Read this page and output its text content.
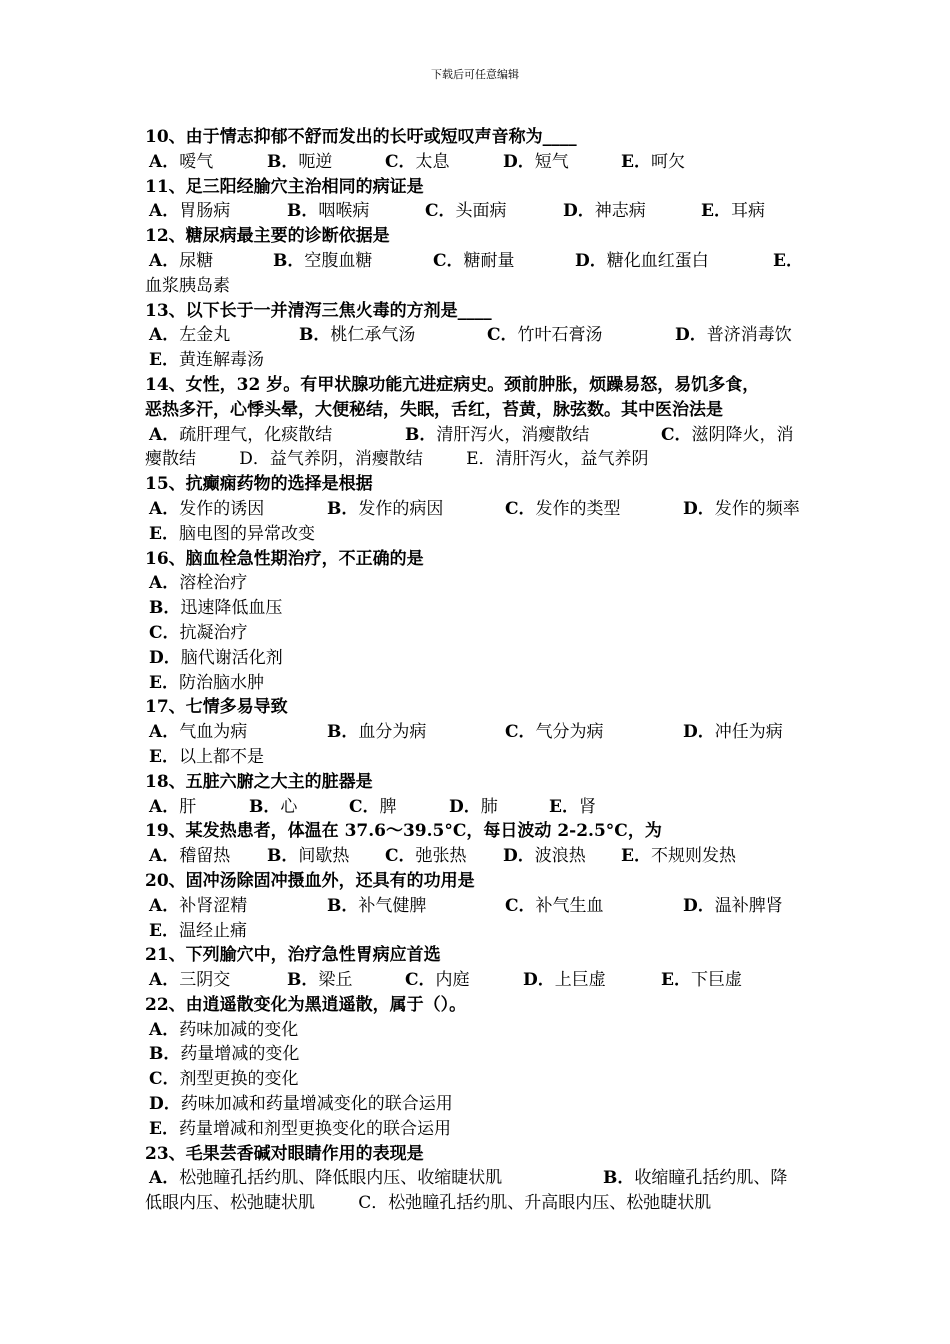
下载后可任意编辑
10、由于情志抑郁不舒而发出的长吁或短叹声音称为____
A．嗳气	B．呃逆	C．太息	D．短气	E．呵欠
11、足三阳经腧穴主治相同的病证是
A．胃肠病	B．咽喉病	C．头面病	D．神志病	E．耳病
12、糖尿病最主要的诊断依据是
A．尿糖	B．空腹血糖	C．糖耐量	D．糖化血红蛋白	E．
血浆胰岛素
13、以下长于一并清泻三焦火毒的方剂是____
A．左金丸	B．桃仁承气汤	C．竹叶石膏汤	D．普济消毒饮
E．黄连解毒汤
14、女性，32 岁。有甲状腺功能亢进症病史。颈前肿胀，烦躁易怒，易饥多食，
恶热多汗，心悸头晕，大便秘结，失眠，舌红，苔黄，脉弦数。其中医治法是
A．疏肝理气，化痰散结	B．清肝泻火，消瘿散结	C．滋阴降火，消
瘿散结        D．益气养阴，消瘿散结        E．清肝泻火，益气养阴
15、抗癫痫药物的选择是根据
A．发作的诱因	B．发作的病因	C．发作的类型	D．发作的频率
E．脑电图的异常改变
16、脑血栓急性期治疗，不正确的是
A．溶栓治疗
B．迅速降低血压
C．抗凝治疗
D．脑代谢活化剂
E．防治脑水肿
17、七情多易导致
A．气血为病	B．血分为病	C．气分为病	D．冲任为病
E．以上都不是
18、五脏六腑之大主的脏器是
A．肝	B．心	C．脾	D．肺	E．肾
19、某发热患者，体温在 37.6～39.5°C，每日波动 2-2.5°C，为
A．稽留热 B．间歇热 C．弛张热 D．波浪热 E．不规则发热
20、固冲汤除固冲摄血外，还具有的功用是
A．补肾涩精	B．补气健脾	C．补气生血	D．温补脾肾
E．温经止痛
21、下列腧穴中，治疗急性胃病应首选
A．三阴交	B．梁丘	C．内庭	D．上巨虚	E．下巨虚
22、由逍遥散变化为黑逍遥散，属于（）。
A．药味加减的变化
B．药量增减的变化
C．剂型更换的变化
D．药味加减和药量增减变化的联合运用
E．药量增减和剂型更换变化的联合运用
23、毛果芸香碱对眼睛作用的表现是
A．松弛瞳孔括约肌、降低眼内压、收缩睫状肌	B．收缩瞳孔括约肌、降
低眼内压、松弛睫状肌        C．松弛瞳孔括约肌、升高眼内压、松弛睫状肌
